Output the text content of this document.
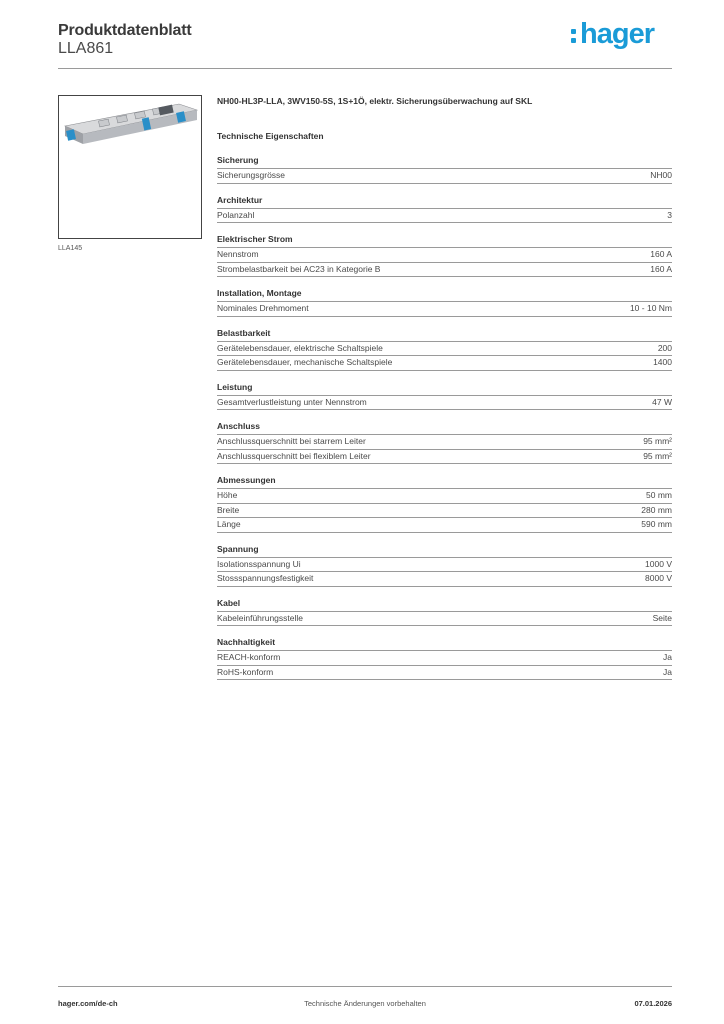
Produktdatenblatt
LLA861	hager
LLA145

NH00-HL3P-LLA, 3WV150-5S, 1S+1Ö, elektr. Sicherungsüberwachung auf SKL

Technische Eigenschaften
Sicherung
Sicherungsgrösse	NH00
Architektur
Polanzahl	3
Elektrischer Strom
Nennstrom	160 A
Strombelastbarkeit bei AC23 in Kategorie B	160 A
Installation, Montage
Nominales Drehmoment	10 - 10 Nm
Belastbarkeit
Gerätelebensdauer, elektrische Schaltspiele	200
Gerätelebensdauer, mechanische Schaltspiele	1400
Leistung
Gesamtverlustleistung unter Nennstrom	47 W
Anschluss
Anschlussquerschnitt bei starrem Leiter	95 mm²
Anschlussquerschnitt bei flexiblem Leiter	95 mm²
Abmessungen
Höhe	50 mm
Breite	280 mm
Länge	590 mm
Spannung
Isolationsspannung Ui	1000 V
Stossspannungsfestigkeit	8000 V
Kabel
Kabeleinführungsstelle	Seite
Nachhaltigkeit
REACH-konform	Ja
RoHS-konform	Ja
hager.com/de-ch	Technische Änderungen vorbehalten	07.01.2026
